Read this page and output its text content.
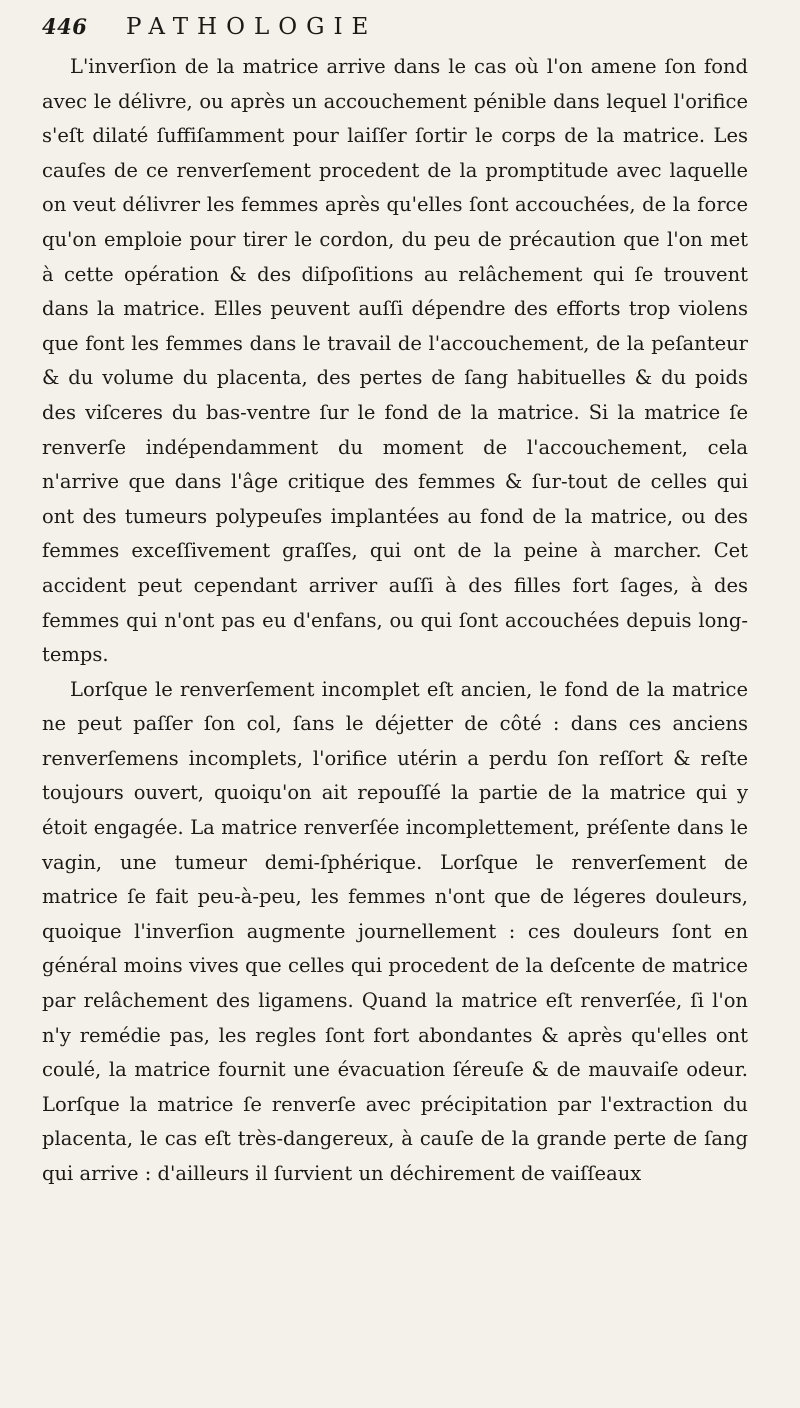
446	PATHOLOGIE

L'inverſion de la matrice arrive dans le cas où l'on amene ſon fond avec le délivre, ou après un accouchement pénible dans lequel l'orifice s'eſt dilaté ſuffiſamment pour laiſſer ſortir le corps de la matrice. Les cauſes de ce renverſement procedent de la promptitude avec laquelle on veut délivrer les femmes après qu'elles ſont accouchées, de la force qu'on emploie pour tirer le cordon, du peu de précaution que l'on met à cette opération & des diſpoſitions au relâchement qui ſe trouvent dans la matrice. Elles peuvent auſſi dépendre des efforts trop violens que font les femmes dans le travail de l'accouchement, de la peſanteur & du volume du placenta, des pertes de ſang habituelles & du poids des viſceres du bas-ventre ſur le fond de la matrice. Si la matrice ſe renverſe indépendamment du moment de l'accouchement, cela n'arrive que dans l'âge critique des femmes & ſur-tout de celles qui ont des tumeurs polypeuſes implantées au fond de la matrice, ou des femmes exceſſivement graſſes, qui ont de la peine à marcher. Cet accident peut cependant arriver auſſi à des filles fort ſages, à des femmes qui n'ont pas eu d'enfans, ou qui ſont accouchées depuis long-temps.

Lorſque le renverſement incomplet eſt ancien, le fond de la matrice ne peut paſſer ſon col, ſans le déjetter de côté : dans ces anciens renverſemens incomplets, l'orifice utérin a perdu ſon reſſort & reſte toujours ouvert, quoiqu'on ait repouſſé la partie de la matrice qui y étoit engagée. La matrice renverſée incomplettement, préſente dans le vagin, une tumeur demi-ſphérique. Lorſque le renverſement de matrice ſe fait peu-à-peu, les femmes n'ont que de légeres douleurs, quoique l'inverſion augmente journellement : ces douleurs ſont en général moins vives que celles qui procedent de la deſcente de matrice par relâchement des ligamens. Quand la matrice eſt renverſée, ſi l'on n'y remédie pas, les regles ſont fort abondantes & après qu'elles ont coulé, la matrice fournit une évacuation ſéreuſe & de mauvaiſe odeur. Lorſque la matrice ſe renverſe avec précipitation par l'extraction du placenta, le cas eſt très-dangereux, à cauſe de la grande perte de ſang qui arrive : d'ailleurs il ſurvient un déchirement de vaiſſeaux
